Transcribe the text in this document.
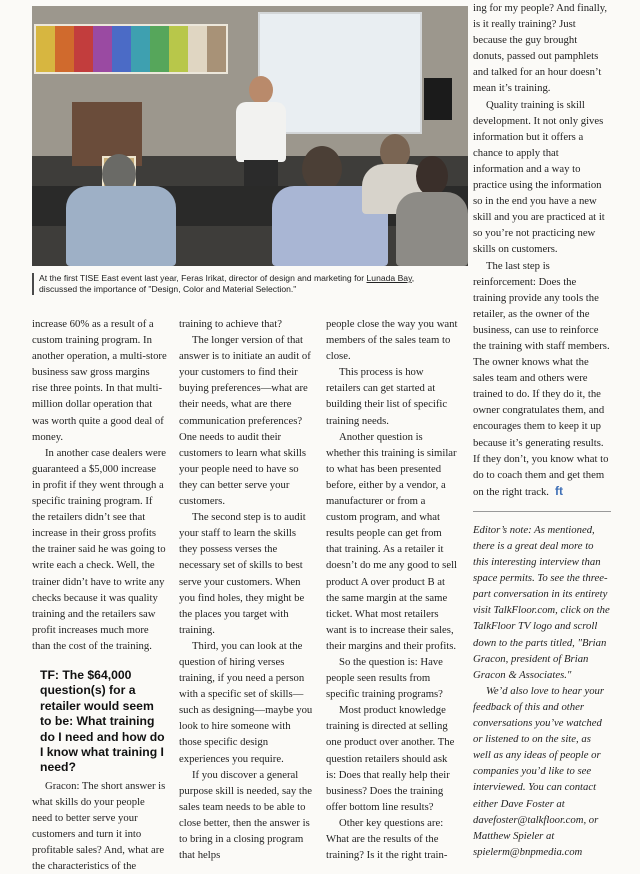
At the first TISE East event last year, Feras Irikat, director of design and marketing for Lunada Bay,
discussed the importance of "Design, Color and Material Selection."

increase 60% as a result of a custom training program. In another operation, a multi-store business saw gross margins rise three points. In that multi-million dollar operation that was worth quite a good deal of money.

In another case dealers were guaranteed a $5,000 increase in profit if they went through a specific training program. If the retailers didn’t see that increase in their gross profits the trainer said he was going to write each a check. Well, the trainer didn’t have to write any checks because it was quality training and the retailers saw profit increases much more than the cost of the training.

TF: The $64,000 question(s) for a retailer would seem to be: What training do I need and how do I know what training I need?

Gracon: The short answer is what skills do your people need to better serve your customers and turn it into profitable sales? And, what are the characteristics of the

training to achieve that?

The longer version of that answer is to initiate an audit of your customers to find their buying preferences—what are their needs, what are there communication preferences? One needs to audit their customers to learn what skills your people need to have so they can better serve your customers.

The second step is to audit your staff to learn the skills they possess verses the necessary set of skills to best serve your customers. When you find holes, they might be the places you target with training.

Third, you can look at the question of hiring verses training, if you need a person with a specific set of skills—such as designing—maybe you look to hire someone with those specific design experiences you require.

If you discover a general purpose skill is needed, say the sales team needs to be able to close better, then the answer is to bring in a closing program that helps

people close the way you want members of the sales team to close.

This process is how retailers can get started at building their list of specific training needs.

Another question is whether this training is similar to what has been presented before, either by a vendor, a manufacturer or from a custom program, and what results people can get from that training. As a retailer it doesn’t do me any good to sell product A over product B at the same margin at the same ticket. What most retailers want is to increase their sales, their margins and their profits.

So the question is: Have people seen results from specific training programs?

Most product knowledge training is directed at selling one product over another. The question retailers should ask is: Does that really help their business? Does the training offer bottom line results?

Other key questions are: What are the results of the training? Is it the right train-

ing for my people? And finally, is it really training? Just because the guy brought donuts, passed out pamphlets and talked for an hour doesn’t mean it’s training.

Quality training is skill development. It not only gives information but it offers a chance to apply that information and a way to practice using the information so in the end you have a new skill and you are practiced at it so you’re not practicing new skills on customers.

The last step is reinforcement: Does the training provide any tools the retailer, as the owner of the business, can use to reinforce the training with staff members. The owner knows what the sales team and others were trained to do. If they do it, the owner congratulates them, and encourages them to keep it up because it’s generating results. If they don’t, you know what to do to coach them and get them on the right track. ft

Editor’s note: As mentioned, there is a great deal more to this interesting interview than space permits. To see the three-part conversation in its entirety visit TalkFloor.com, click on the TalkFloor TV logo and scroll down to the parts titled, "Brian Gracon, president of Brian Gracon & Associates."

We’d also love to hear your feedback of this and other conversations you’ve watched or listened to on the site, as well as any ideas of people or companies you’d like to see interviewed. You can contact either Dave Foster at davefoster@talkfloor.com, or Matthew Spieler at spielerm@bnpmedia.com
